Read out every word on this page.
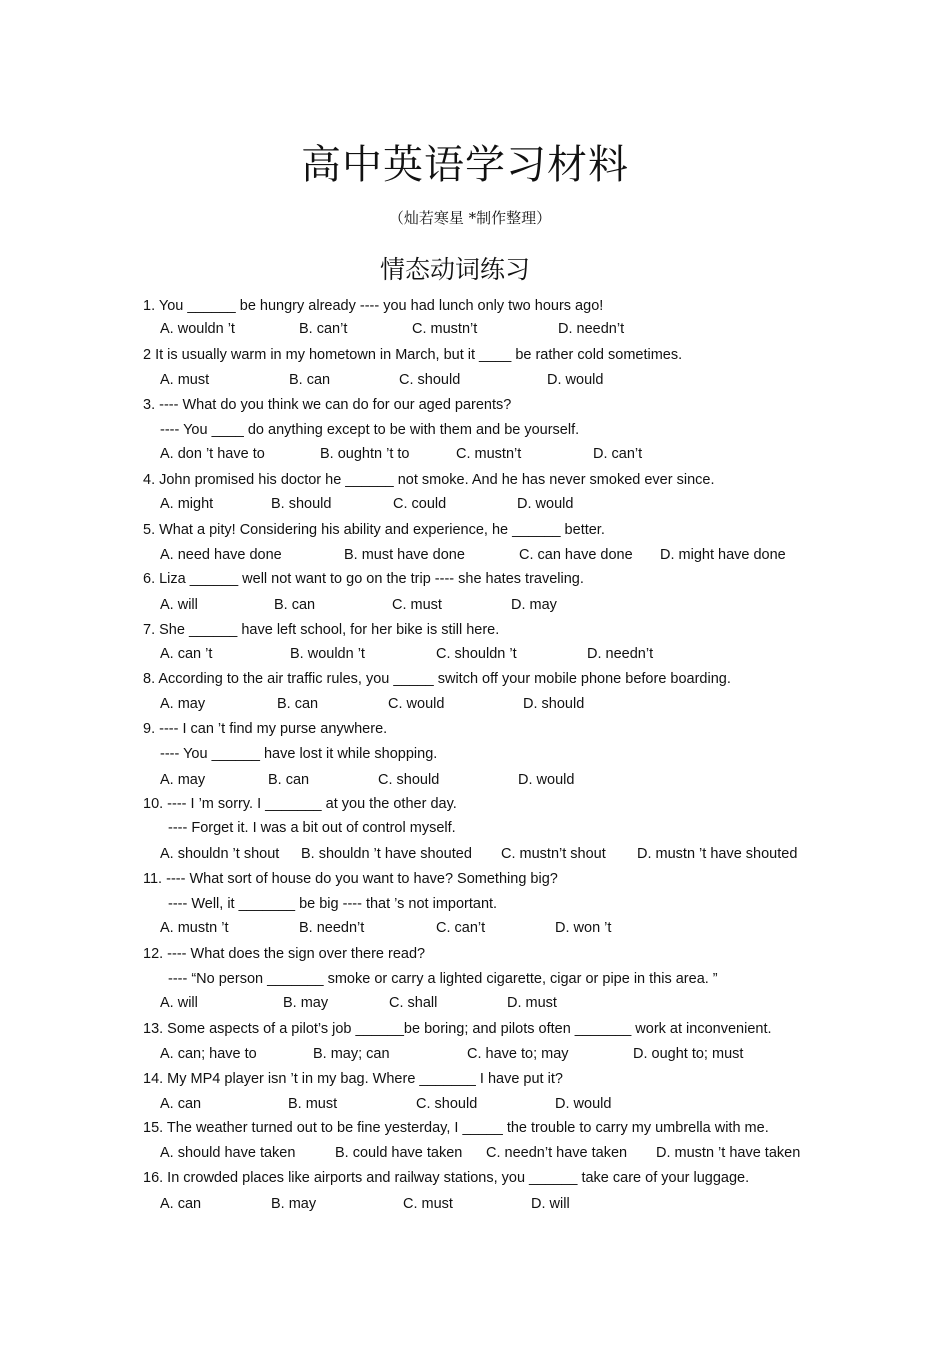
高中英语学习材料
（灿若寒星 *制作整理）
情态动词练习
1. You ______ be hungry already ---- you had lunch only two hours ago!
A. wouldn ’t	B. can’t	C. mustn’t	D. needn’t
2 It is usually warm in my hometown in March, but it ____ be rather cold sometimes.
A. must	B. can	C. should	D. would
3. ---- What do you think we can do for our aged parents?
---- You ____ do anything except to be with them and be yourself.
A. don ’t have to	B. oughtn ’t to	C. mustn’t	D. can’t
4. John promised his doctor he ______ not smoke. And he has never smoked ever since.
A. might	B. should	C. could	D. would
5. What a pity! Considering his ability and experience, he ______ better.
A. need have done	B. must have done	C. can have done D. might have done
6. Liza ______ well not want to go on the trip ---- she hates traveling.
A. will	B. can	C. must	D. may
7. She ______ have left school, for her bike is still here.
A. can ’t	B. wouldn ’t	C. shouldn ’t	D. needn’t
8. According to the air traffic rules, you _____ switch off your mobile phone before boarding.
A. may	B. can	C. would	D. should
9. ---- I can ’t find my purse anywhere.
---- You ______ have lost it while shopping.
A. may	B. can	C. should	D. would
10. ---- I ’m sorry. I _______ at you the other day.
---- Forget it. I was a bit out of control myself.
A. shouldn ’t shout B. shouldn ’t have shouted C. mustn’t shout D. mustn ’t have shouted
11. ---- What sort of house do you want to have? Something big?
---- Well, it _______ be big ---- that ’s not important.
A. mustn ’t	B. needn’t	C. can’t	D. won ’t
12. ---- What does the sign over there read?
---- “No person _______ smoke or carry a lighted cigarette, cigar or pipe in this area. ”
A. will	B. may	C. shall	D. must
13. Some aspects of a pilot’s job ______be boring; and pilots often _______ work at inconvenient.
A. can; have to	B. may; can	C. have to; may	D. ought to; must
14. My MP4 player isn ’t in my bag. Where _______ I have put it?
A. can	B. must	C. should	D. would
15. The weather turned out to be fine yesterday, I _____ the trouble to carry my umbrella with me.
A. should have taken	B. could have taken C. needn’t have taken D. mustn ’t have taken
16. In crowded places like airports and railway stations, you ______ take care of your luggage.
A. can	B. may	C. must	D. will
